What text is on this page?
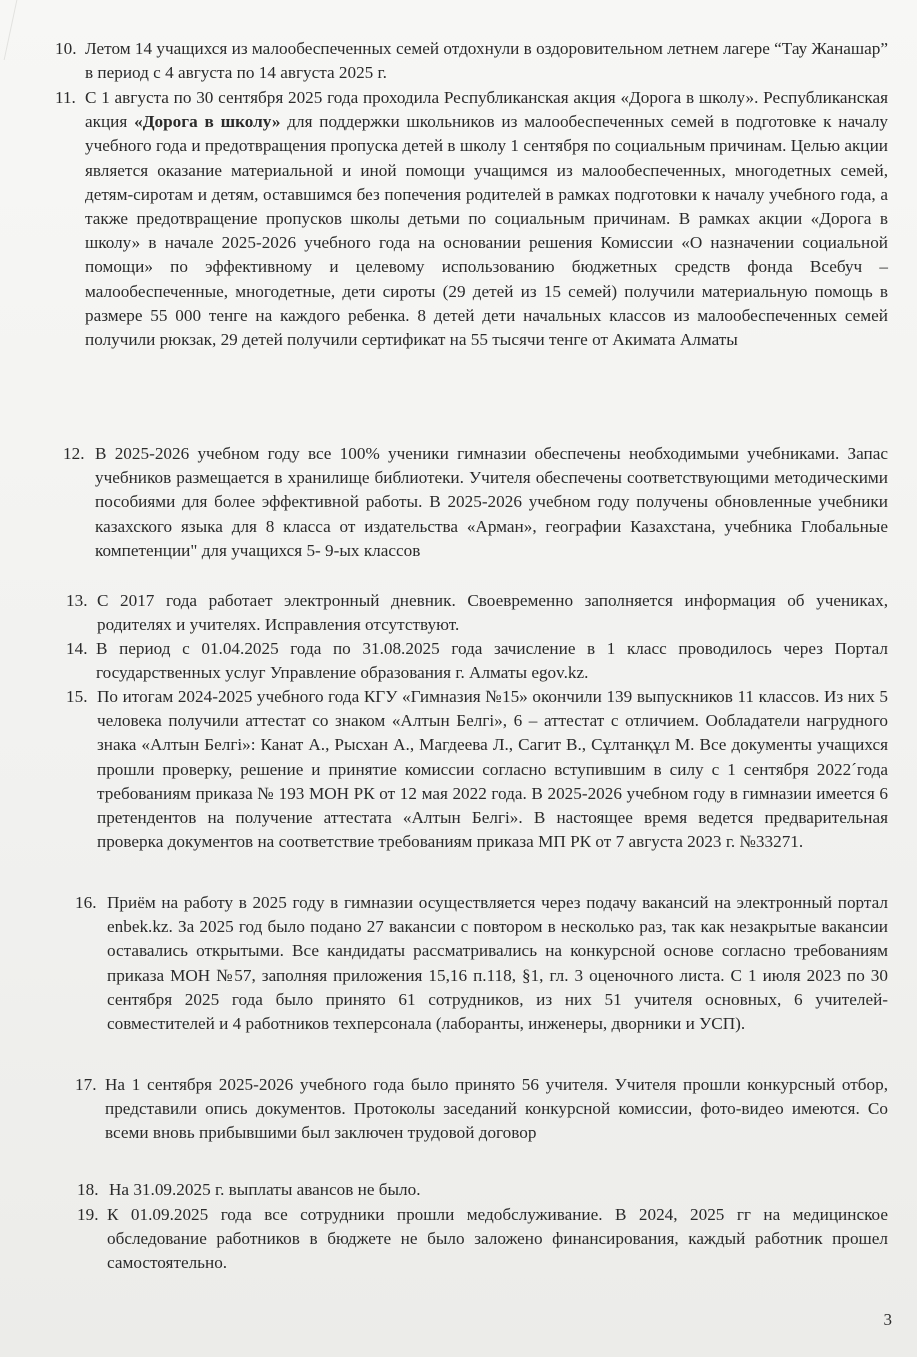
10. Летом 14 учащихся из малообеспеченных семей отдохнули в оздоровительном летнем лагере “Тау Жанашар” в период с 4 августа по 14 августа 2025 г.
11. С 1 августа по 30 сентября 2025 года проходила Республиканская акция «Дорога в школу». Республиканская акция «Дорога в школу» для поддержки школьников из малообеспеченных семей в подготовке к началу учебного года и предотвращения пропуска детей в школу 1 сентября по социальным причинам. Целью акции является оказание материальной и иной помощи учащимся из малообеспеченных, многодетных семей, детям-сиротам и детям, оставшимся без попечения родителей в рамках подготовки к началу учебного года, а также предотвращение пропусков школы детьми по социальным причинам. В рамках акции «Дорога в школу» в начале 2025-2026 учебного года на основании решения Комиссии «О назначении социальной помощи» по эффективному и целевому использованию бюджетных средств фонда Всебуч – малообеспеченные, многодетные, дети сироты (29 детей из 15 семей) получили материальную помощь в размере 55 000 тенге на каждого ребенка. 8 детей дети начальных классов из малообеспеченных семей получили рюкзак, 29 детей получили сертификат на 55 тысячи тенге от Акимата Алматы
12. В 2025-2026 учебном году все 100% ученики гимназии обеспечены необходимыми учебниками. Запас учебников размещается в хранилище библиотеки. Учителя обеспечены соответствующими методическими пособиями для более эффективной работы. В 2025-2026 учебном году получены обновленные учебники казахского языка для 8 класса от издательства «Арман», географии Казахстана, учебника Глобальные компетенции" для учащихся 5- 9-ых классов
13. С 2017 года работает электронный дневник. Своевременно заполняется информация об учениках, родителях и учителях. Исправления отсутствуют.
14. В период с 01.04.2025 года по 31.08.2025 года зачисление в 1 класс проводилось через Портал государственных услуг Управление образования г. Алматы egov.kz.
15. По итогам 2024-2025 учебного года КГУ «Гимназия №15» окончили 139 выпускников 11 классов. Из них 5 человека получили аттестат со знаком «Алтын Белгі», 6 – аттестат с отличием. Ообладатели нагрудного знака «Алтын Белгі»: Канат А., Рысхан А., Магдеева Л., Сагит В., Сұлтанқұл М. Все документы учащихся прошли проверку, решение и принятие комиссии согласно вступившим в силу с 1 сентября 2022´года требованиям приказа № 193 МОН РК от 12 мая 2022 года. В 2025-2026 учебном году в гимназии имеется 6 претендентов на получение аттестата «Алтын Белгі». В настоящее время ведется предварительная проверка документов на соответствие требованиям приказа МП РК от 7 августа 2023 г. №33271.
16. Приём на работу в 2025 году в гимназии осуществляется через подачу вакансий на электронный портал enbek.kz. За 2025 год было подано 27 вакансии с повтором в несколько раз, так как незакрытые вакансии оставались открытыми. Все кандидаты рассматривались на конкурсной основе согласно требованиям приказа МОН №57, заполняя приложения 15,16 п.118, §1, гл. 3 оценочного листа. С 1 июля 2023 по 30 сентября 2025 года было принято 61 сотрудников, из них 51 учителя основных, 6 учителей- совместителей и 4 работников техперсонала (лаборанты, инженеры, дворники и УСП).
17. На 1 сентября 2025-2026 учебного года было принято 56 учителя. Учителя прошли конкурсный отбор, представили опись документов. Протоколы заседаний конкурсной комиссии, фото-видео имеются. Со всеми вновь прибывшими был заключен трудовой договор
18. На 31.09.2025 г. выплаты авансов не было.
19. К 01.09.2025 года все сотрудники прошли медобслуживание. В 2024, 2025 гг на медицинское обследование работников в бюджете не было заложено финансирования, каждый работник прошел самостоятельно.
3
